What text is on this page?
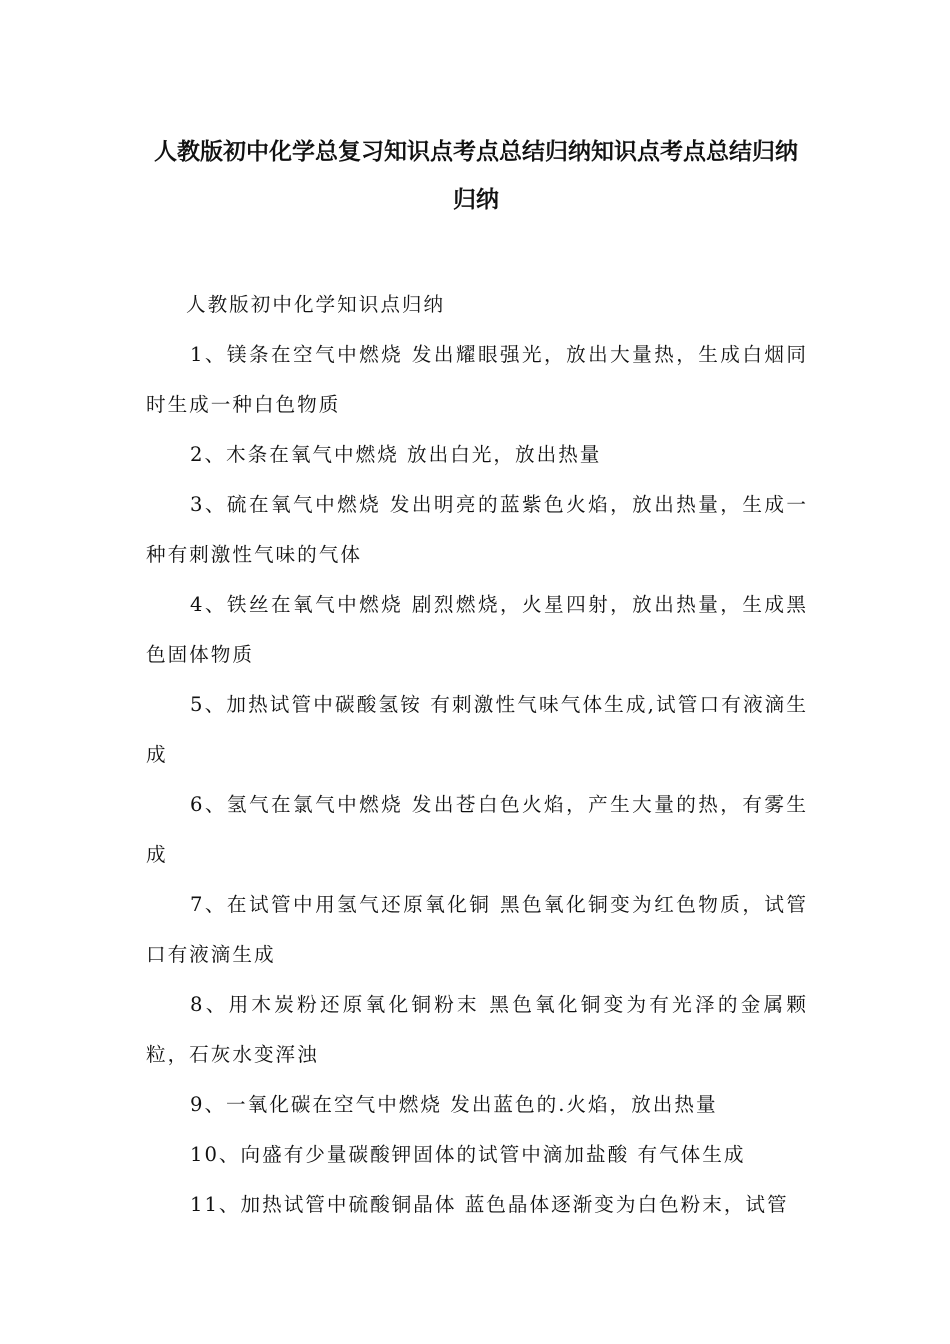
人教版初中化学总复习知识点考点总结归纳知识点考点总结归纳归纳

人教版初中化学知识点归纳

1、镁条在空气中燃烧 发出耀眼强光，放出大量热，生成白烟同时生成一种白色物质

2、木条在氧气中燃烧 放出白光，放出热量

3、硫在氧气中燃烧 发出明亮的蓝紫色火焰，放出热量，生成一种有刺激性气味的气体

4、铁丝在氧气中燃烧 剧烈燃烧，火星四射，放出热量，生成黑色固体物质

5、加热试管中碳酸氢铵 有刺激性气味气体生成,试管口有液滴生成

6、氢气在氯气中燃烧 发出苍白色火焰，产生大量的热，有雾生成

7、在试管中用氢气还原氧化铜 黑色氧化铜变为红色物质，试管口有液滴生成

8、用木炭粉还原氧化铜粉末 黑色氧化铜变为有光泽的金属颗粒，石灰水变浑浊

9、一氧化碳在空气中燃烧 发出蓝色的.火焰，放出热量

10、向盛有少量碳酸钾固体的试管中滴加盐酸 有气体生成

11、加热试管中硫酸铜晶体 蓝色晶体逐渐变为白色粉末，试管
